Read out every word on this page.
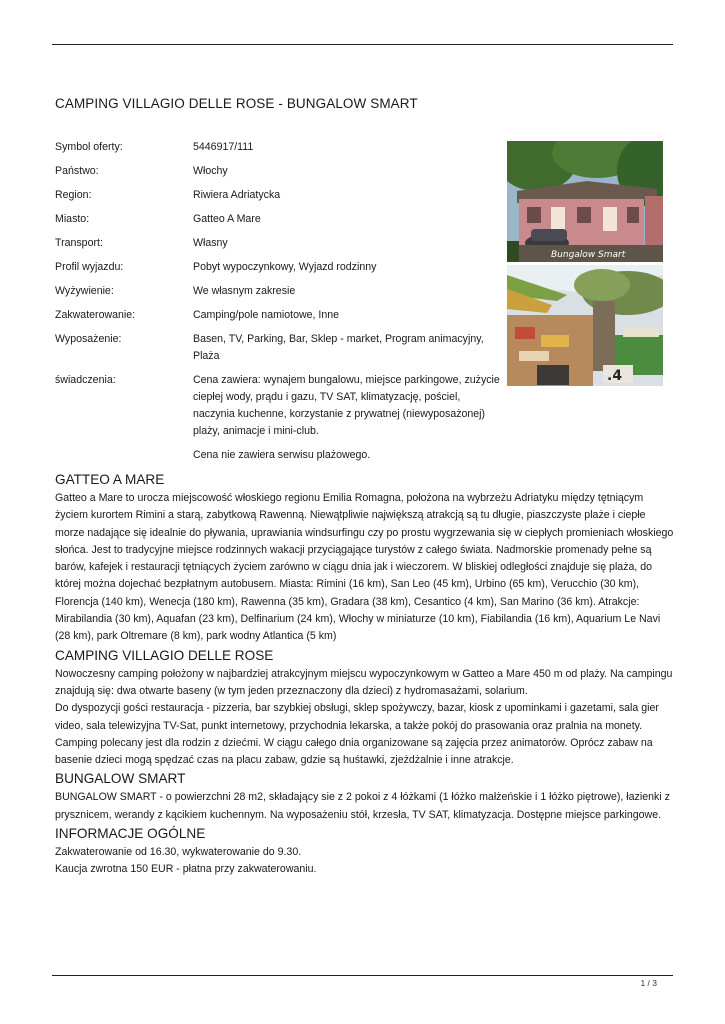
CAMPING VILLAGIO DELLE ROSE - BUNGALOW SMART
Symbol oferty:	5446917/111
Państwo:	Włochy
Region:	Riwiera Adriatycka
Miasto:	Gatteo A Mare
Transport:	Własny
Profil wyjazdu:	Pobyt wypoczynkowy, Wyjazd rodzinny
Wyżywienie:	We własnym zakresie
Zakwaterowanie:	Camping/pole namiotowe, Inne
Wyposażenie:	Basen, TV, Parking, Bar, Sklep - market, Program animacyjny, Plaża
świadczenia:	Cena zawiera: wynajem bungalowu, miejsce parkingowe, zużycie ciepłej wody, prądu i gazu, TV SAT, klimatyzację, pościel, naczynia kuchenne, korzystanie z prywatnej (niewyposażonej) plaży, animacje i mini-club.
Cena nie zawiera serwisu plażowego.
Bungalow Smart
.4
GATTEO A MARE

Gatteo a Mare to urocza miejscowość włoskiego regionu Emilia Romagna, położona na wybrzeżu Adriatyku między tętniącym życiem kurortem Rimini a starą, zabytkową Rawenną. Niewątpliwie największą atrakcją są tu długie, piaszczyste plaże i ciepłe morze nadające się idealnie do pływania, uprawiania windsurfingu czy po prostu wygrzewania się w ciepłych promieniach włoskiego słońca. Jest to tradycyjne miejsce rodzinnych wakacji przyciągające turystów z całego świata. Nadmorskie promenady pełne są barów, kafejek i restauracji tętniących życiem zarówno w ciągu dnia jak i wieczorem. W bliskiej odległości znajduje się plaża, do której można dojechać bezpłatnym autobusem. Miasta: Rimini (16 km), San Leo (45 km), Urbino (65 km), Verucchio (30 km), Florencja (140 km), Wenecja (180 km), Rawenna (35 km), Gradara (38 km), Cesantico (4 km), San Marino (36 km). Atrakcje: Mirabilandia (30 km), Aquafan (23 km), Delfinarium (24 km), Włochy w miniaturze (10 km), Fiabilandia (16 km), Aquarium Le Navi (28 km), park Oltremare (8 km), park wodny Atlantica (5 km)

CAMPING VILLAGIO DELLE ROSE

Nowoczesny camping położony w najbardziej atrakcyjnym miejscu wypoczynkowym w Gatteo a Mare 450 m od plaży. Na campingu znajdują się: dwa otwarte baseny (w tym jeden przeznaczony dla dzieci) z hydromasażami, solarium.

Do dyspozycji gości restauracja - pizzeria, bar szybkiej obsługi, sklep spożywczy, bazar, kiosk z upominkami i gazetami, sala gier video, sala telewizyjna TV-Sat, punkt internetowy, przychodnia lekarska, a także pokój do prasowania oraz pralnia na monety.

Camping polecany jest dla rodzin z dziećmi. W ciągu całego dnia organizowane są zajęcia przez animatorów. Oprócz zabaw na basenie dzieci mogą spędzać czas na placu zabaw, gdzie są huśtawki, zjeżdżalnie i inne atrakcje.

BUNGALOW SMART

BUNGALOW SMART - o powierzchni 28 m2, składający sie z 2 pokoi z 4 łóżkami (1 łóżko małżeńskie i 1 łóżko piętrowe), łazienki z prysznicem, werandy z kącikiem kuchennym. Na wyposażeniu stół, krzesła, TV SAT, klimatyzacja. Dostępne miejsce parkingowe.

INFORMACJE OGÓLNE

Zakwaterowanie od 16.30, wykwaterowanie do 9.30.

Kaucja zwrotna 150 EUR - płatna przy zakwaterowaniu.

1 / 3
